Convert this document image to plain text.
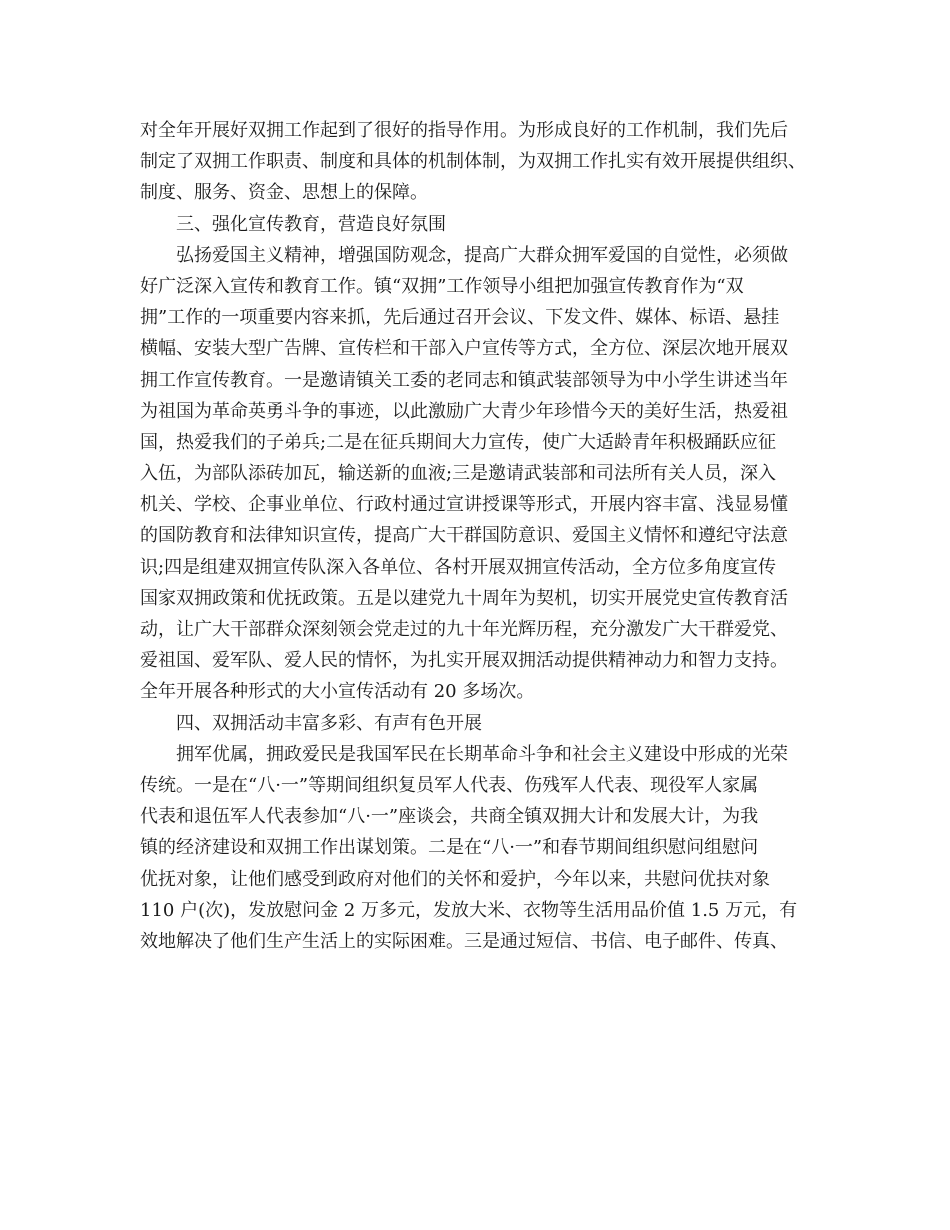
对全年开展好双拥工作起到了很好的指导作用。为形成良好的工作机制，我们先后
制定了双拥工作职责、制度和具体的机制体制，为双拥工作扎实有效开展提供组织、
制度、服务、资金、思想上的保障。
三、强化宣传教育，营造良好氛围
弘扬爱国主义精神，增强国防观念，提高广大群众拥军爱国的自觉性，必须做
好广泛深入宣传和教育工作。镇“双拥”工作领导小组把加强宣传教育作为“双
拥”工作的一项重要内容来抓，先后通过召开会议、下发文件、媒体、标语、悬挂
横幅、安装大型广告牌、宣传栏和干部入户宣传等方式，全方位、深层次地开展双
拥工作宣传教育。一是邀请镇关工委的老同志和镇武装部领导为中小学生讲述当年
为祖国为革命英勇斗争的事迹，以此激励广大青少年珍惜今天的美好生活，热爱祖
国，热爱我们的子弟兵;二是在征兵期间大力宣传，使广大适龄青年积极踊跃应征
入伍，为部队添砖加瓦，输送新的血液;三是邀请武装部和司法所有关人员，深入
机关、学校、企事业单位、行政村通过宣讲授课等形式，开展内容丰富、浅显易懂
的国防教育和法律知识宣传，提高广大干群国防意识、爱国主义情怀和遵纪守法意
识;四是组建双拥宣传队深入各单位、各村开展双拥宣传活动，全方位多角度宣传
国家双拥政策和优抚政策。五是以建党九十周年为契机，切实开展党史宣传教育活
动，让广大干部群众深刻领会党走过的九十年光辉历程，充分激发广大干群爱党、
爱祖国、爱军队、爱人民的情怀，为扎实开展双拥活动提供精神动力和智力支持。
全年开展各种形式的大小宣传活动有 20 多场次。
四、双拥活动丰富多彩、有声有色开展
拥军优属，拥政爱民是我国军民在长期革命斗争和社会主义建设中形成的光荣
传统。一是在“八·一”等期间组织复员军人代表、伤残军人代表、现役军人家属
代表和退伍军人代表参加“八·一”座谈会，共商全镇双拥大计和发展大计，为我
镇的经济建设和双拥工作出谋划策。二是在“八·一”和春节期间组织慰问组慰问
优抚对象，让他们感受到政府对他们的关怀和爱护，今年以来，共慰问优扶对象
110 户(次)，发放慰问金 2 万多元，发放大米、衣物等生活用品价值 1.5 万元，有
效地解决了他们生产生活上的实际困难。三是通过短信、书信、电子邮件、传真、
